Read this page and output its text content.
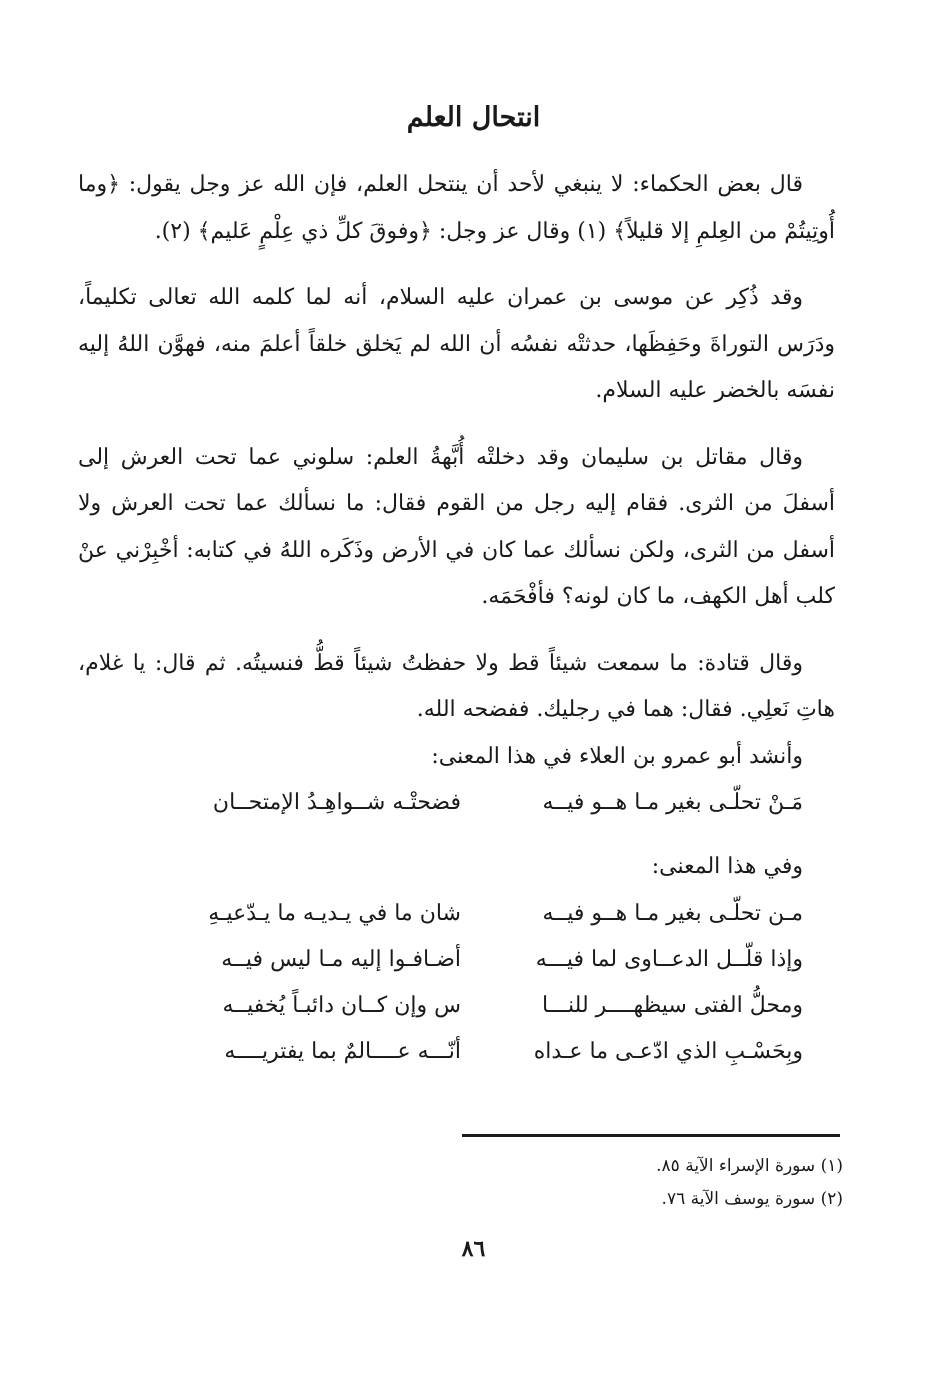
انتحال العلم

قال بعض الحكماء: لا ينبغي لأحد أن ينتحل العلم، فإن الله عز وجل يقول: ﴿وما أُوتِيتُمْ من العِلمِ إلا قليلاً﴾ (١) وقال عز وجل: ﴿وفوقَ كلِّ ذي عِلْمٍ عَليم﴾ (٢).

وقد ذُكِر عن موسى بن عمران عليه السلام، أنه لما كلمه الله تعالى تكليماً، ودَرَس التوراةَ وحَفِظَها، حدثتْه نفسُه أن الله لم يَخلق خلقاً أعلمَ منه، فهوَّن اللهُ إليه نفسَه بالخضر عليه السلام.

وقال مقاتل بن سليمان وقد دخلتْه أُبَّهةُ العلم: سلوني عما تحت العرش إلى أسفلَ من الثرى. فقام إليه رجل من القوم فقال: ما نسألك عما تحت العرش ولا أسفل من الثرى، ولكن نسألك عما كان في الأرض وذَكَره اللهُ في كتابه: أخْبِرْني عنْ كلب أهل الكهف، ما كان لونه؟ فأفْحَمَه.

وقال قتادة: ما سمعت شيئاً قط ولا حفظتُ شيئاً قطُّ فنسيتُه. ثم قال: يا غلام، هاتِ نَعلِي. فقال: هما في رجليك. ففضحه الله.

وأنشد أبو عمرو بن العلاء في هذا المعنى:

مَـنْ تحلّـى بغير مـا هــو فيــه
فضحتْـه شــواهِـدُ الإمتحــان

وفي هذا المعنى:

مـن تحلّـى بغير مـا هــو فيــه
شان ما في يـديـه ما يـدّعيـهِ
وإذا قلّــل الدعــاوى لما فيـــه
أضـافـوا إليه مـا ليس فيــه
ومحلُّ الفتى سيظهــــر للنـــا
س وإن كــان دائبـاً يُخفيــه
وبِحَسْـبِ الذي ادّعـى ما عـداه
أنّـــه عــــالمٌ بما يفتريــــه

(١) سورة الإسراء الآية ٨٥.

(٢) سورة يوسف الآية ٧٦.

٨٦
